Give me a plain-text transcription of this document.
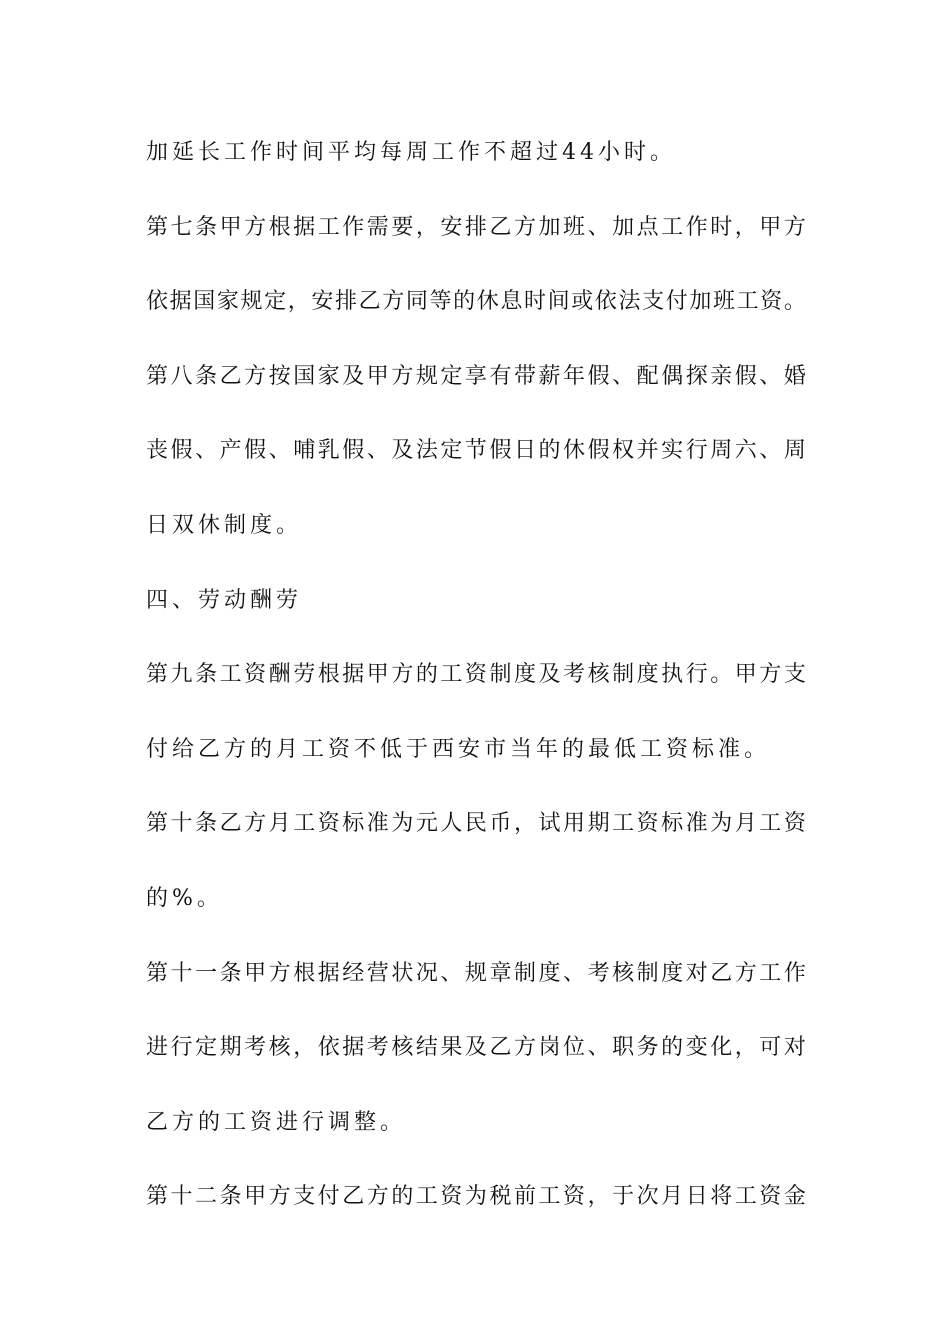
加延长工作时间平均每周工作不超过44小时。
第 七 条 甲 方 根 据 工 作 需 要 ， 安 排 乙 方 加 班 、 加 点 工 作 时 ， 甲 方
依 据 国 家 规 定 ， 安 排 乙 方 同 等 的 休 息 时 间 或 依 法 支 付 加 班 工 资 。
第 八 条 乙 方 按 国 家 及 甲 方 规 定 享 有 带 薪 年 假 、 配 偶 探 亲 假 、 婚
丧 假 、 产 假 、 哺 乳 假 、 及 法 定 节 假 日 的 休 假 权 并 实 行 周 六 、 周
日双休制度。
四、劳动酬劳
第 九 条 工 资 酬 劳 根 据 甲 方 的 工 资 制 度 及 考 核 制 度 执 行 。 甲 方 支
付给乙方的月工资不低于西安市当年的最低工资标准。
第 十 条 乙 方 月 工 资 标 准 为 元 人 民 币 ， 试 用 期 工 资 标 准 为 月 工 资
的%。
第 十 一 条 甲 方 根 据 经 营 状 况 、 规 章 制 度 、 考 核 制 度 对 乙 方 工 作
进 行 定 期 考 核 ， 依 据 考 核 结 果 及 乙 方 岗 位 、 职 务 的 变 化 ， 可 对
乙方的工资进行调整。
第 十 二 条 甲 方 支 付 乙 方 的 工 资 为 税 前 工 资 ， 于 次 月 日 将 工 资 金
